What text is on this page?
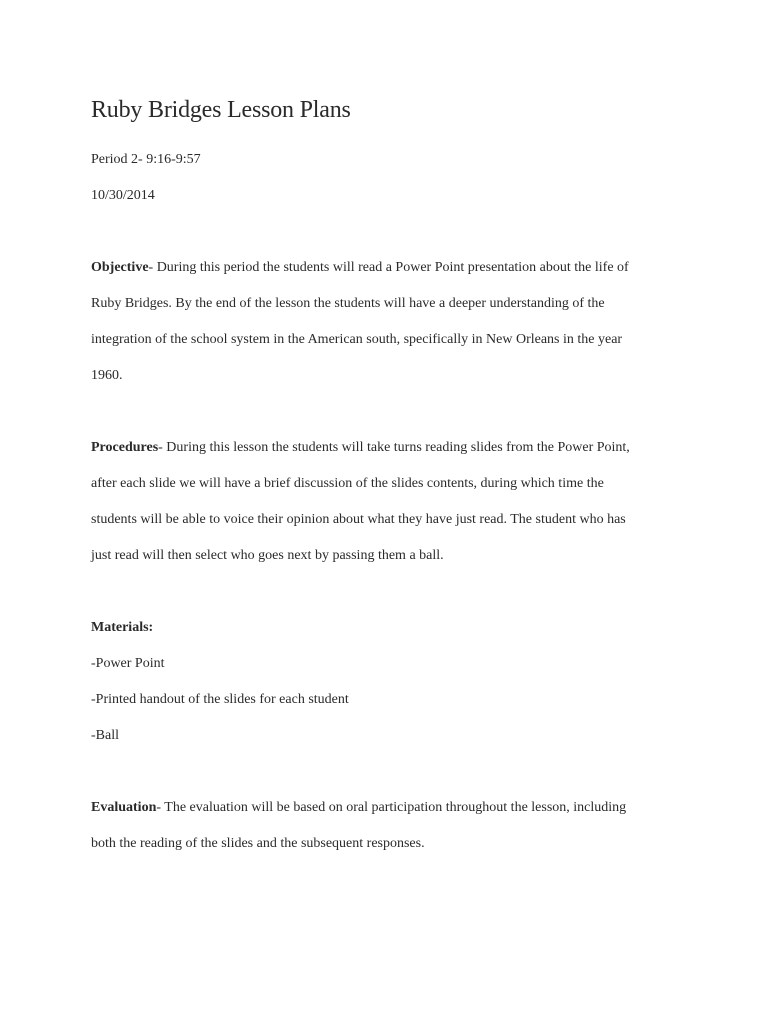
Ruby Bridges Lesson Plans

Period 2- 9:16-9:57

10/30/2014

Objective- During this period the students will read a Power Point presentation about the life of

Ruby Bridges. By the end of the lesson the students will have a deeper understanding of the

integration of the school system in the American south, specifically in New Orleans in the year

1960.

Procedures- During this lesson the students will take turns reading slides from the Power Point,

after each slide we will have a brief discussion of the slides contents, during which time the

students will be able to voice their opinion about what they have just read. The student who has

just read will then select who goes next by passing them a ball.

Materials:

-Power Point
-Printed handout of the slides for each student
-Ball

Evaluation- The evaluation will be based on oral participation throughout the lesson, including

both the reading of the slides and the subsequent responses.
